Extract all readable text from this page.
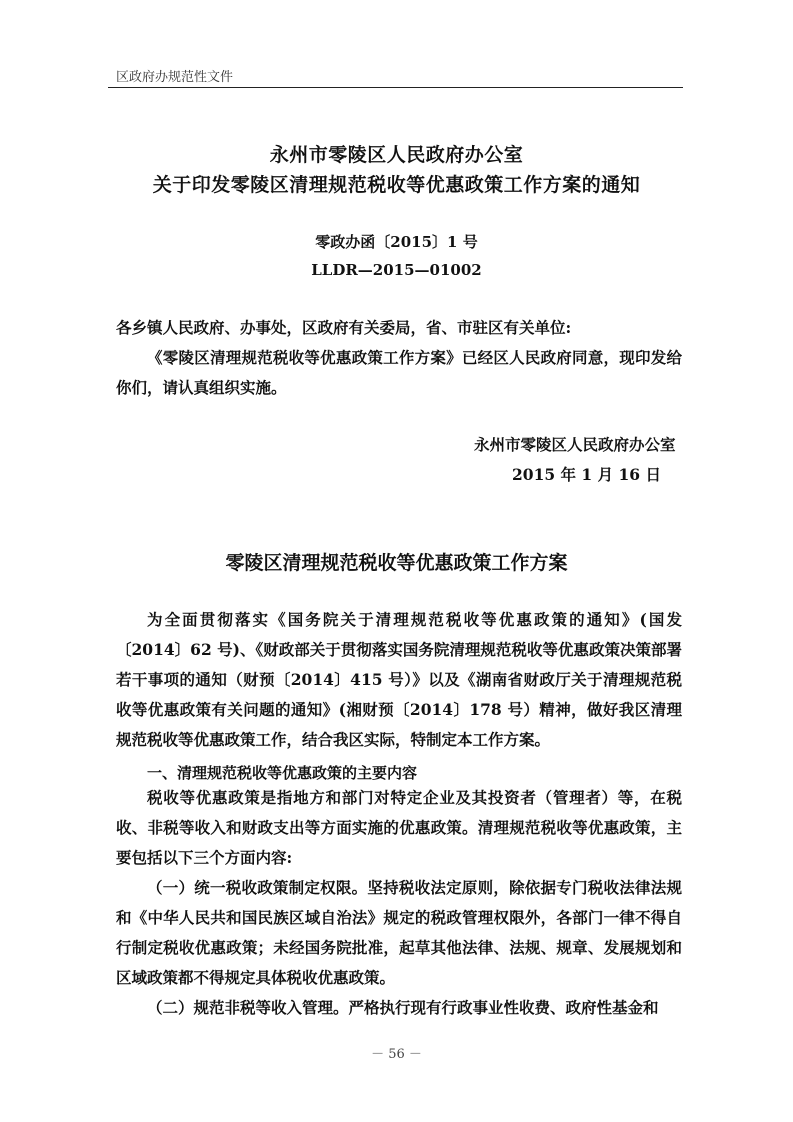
区政府办规范性文件
永州市零陵区人民政府办公室
关于印发零陵区清理规范税收等优惠政策工作方案的通知
零政办函〔2015〕1 号
LLDR—2015—01002
各乡镇人民政府、办事处，区政府有关委局，省、市驻区有关单位:
《零陵区清理规范税收等优惠政策工作方案》已经区人民政府同意，现印发给你们，请认真组织实施。
永州市零陵区人民政府办公室
2015 年 1 月 16 日
零陵区清理规范税收等优惠政策工作方案
为全面贯彻落实《国务院关于清理规范税收等优惠政策的通知》(国发〔2014〕62 号)、《财政部关于贯彻落实国务院清理规范税收等优惠政策决策部署若干事项的通知（财预〔2014〕415 号）》以及《湖南省财政厅关于清理规范税收等优惠政策有关问题的通知》(湘财预〔2014〕178 号）精神，做好我区清理规范税收等优惠政策工作，结合我区实际，特制定本工作方案。
一、清理规范税收等优惠政策的主要内容
税收等优惠政策是指地方和部门对特定企业及其投资者（管理者）等，在税收、非税等收入和财政支出等方面实施的优惠政策。清理规范税收等优惠政策，主要包括以下三个方面内容:
（一）统一税收政策制定权限。坚持税收法定原则，除依据专门税收法律法规和《中华人民共和国民族区域自治法》规定的税政管理权限外，各部门一律不得自行制定税收优惠政策；未经国务院批准，起草其他法律、法规、规章、发展规划和区域政策都不得规定具体税收优惠政策。
（二）规范非税等收入管理。严格执行现有行政事业性收费、政府性基金和
－ 56 －
